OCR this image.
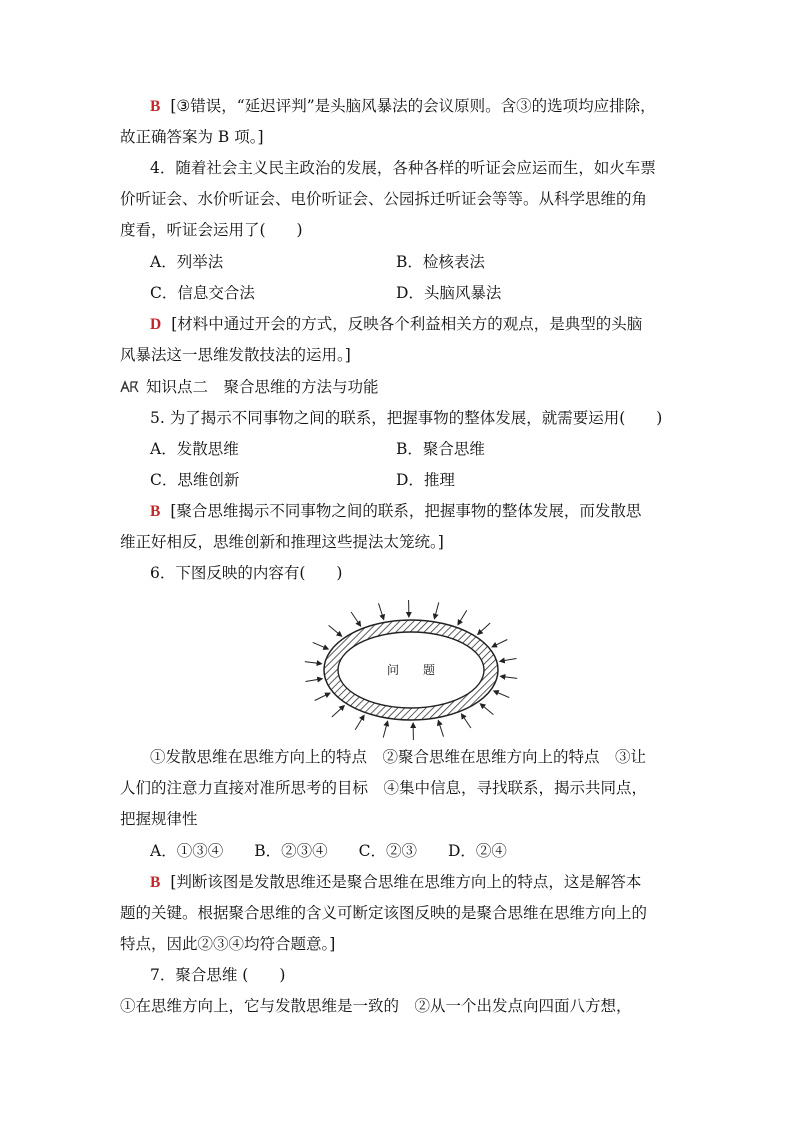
B [③错误，“延迟评判”是头脑风暴法的会议原则。含③的选项均应排除，
故正确答案为 B 项。]
4．随着社会主义民主政治的发展，各种各样的听证会应运而生，如火车票
价听证会、水价听证会、电价听证会、公园拆迁听证会等等。从科学思维的角
度看，听证会运用了(　　)
A．列举法	B．检核表法
C．信息交合法	D．头脑风暴法
D [材料中通过开会的方式，反映各个利益相关方的观点，是典型的头脑
风暴法这一思维发散技法的运用。]
知识点二　聚合思维的方法与功能
5. 为了揭示不同事物之间的联系，把握事物的整体发展，就需要运用(　　)
A．发散思维	B．聚合思维
C．思维创新	D．推理
B [聚合思维揭示不同事物之间的联系，把握事物的整体发展，而发散思
维正好相反，思维创新和推理这些提法太笼统。]
6．下图反映的内容有(　　)
问　　题
①发散思维在思维方向上的特点　②聚合思维在思维方向上的特点　③让
人们的注意力直接对准所思考的目标　④集中信息，寻找联系，揭示共同点，
把握规律性
A．①③④　　B．②③④　　C．②③　　D．②④
B [判断该图是发散思维还是聚合思维在思维方向上的特点，这是解答本
题的关键。根据聚合思维的含义可断定该图反映的是聚合思维在思维方向上的
特点，因此②③④均符合题意。]
7．聚合思维 (　　)
①在思维方向上，它与发散思维是一致的　②从一个出发点向四面八方想，
